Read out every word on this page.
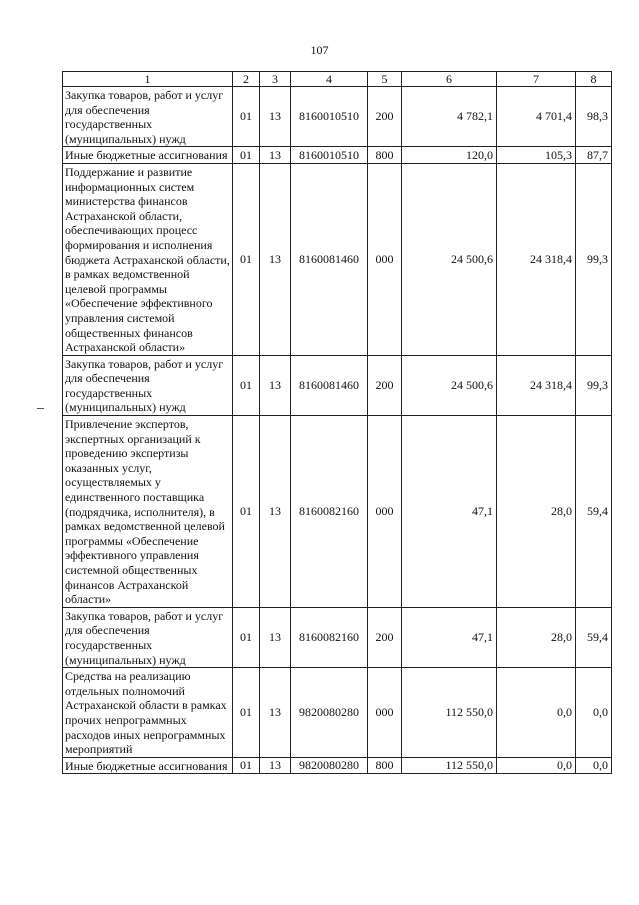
107
1	2	3	4	5	6	7	8
Закупка товаров, работ и услуг для обеспечения государственных (муниципальных) нужд	01	13	8160010510	200	4 782,1	4 701,4	98,3
Иные бюджетные ассигнования	01	13	8160010510	800	120,0	105,3	87,7
Поддержание и развитие информационных систем министерства финансов Астраханской области, обеспечивающих процесс формирования и исполнения бюджета Астраханской области, в рамках ведомственной целевой программы «Обеспечение эффективного управления системой общественных финансов Астраханской области»	01	13	8160081460	000	24 500,6	24 318,4	99,3
Закупка товаров, работ и услуг для обеспечения государственных (муниципальных) нужд	01	13	8160081460	200	24 500,6	24 318,4	99,3
Привлечение экспертов, экспертных организаций к проведению экспертизы оказанных услуг, осуществляемых у единственного поставщика (подрядчика, исполнителя), в рамках ведомственной целевой программы «Обеспечение эффективного управления системной общественных финансов Астраханской области»	01	13	8160082160	000	47,1	28,0	59,4
Закупка товаров, работ и услуг для обеспечения государственных (муниципальных) нужд	01	13	8160082160	200	47,1	28,0	59,4
Средства на реализацию отдельных полномочий Астраханской области в рамках прочих непрограммных расходов иных непрограммных мероприятий	01	13	9820080280	000	112 550,0	0,0	0,0
Иные бюджетные ассигнования	01	13	9820080280	800	112 550,0	0,0	0,0
